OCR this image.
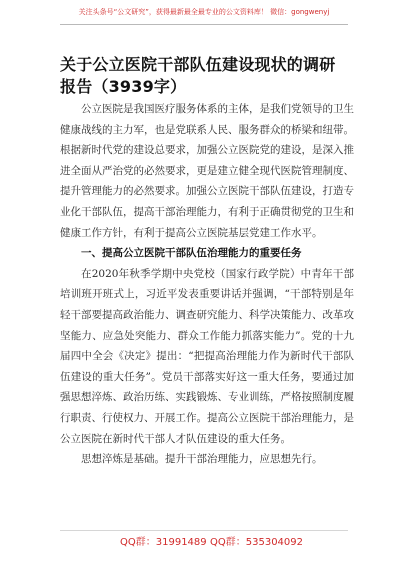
关注头条号“公文研究”，获得最新最全最专业的公文资料库！ 微信：gongwenyj
关于公立医院干部队伍建设现状的调研报告（3939字）

公立医院是我国医疗服务体系的主体，是我们党领导的卫生健康战线的主力军，也是党联系人民、服务群众的桥梁和纽带。根据新时代党的建设总要求，加强公立医院党的建设，是深入推进全面从严治党的必然要求，更是建立健全现代医院管理制度、提升管理能力的必然要求。加强公立医院干部队伍建设，打造专业化干部队伍，提高干部治理能力，有利于正确贯彻党的卫生和健康工作方针，有利于提高公立医院基层党建工作水平。

一、提高公立医院干部队伍治理能力的重要任务

在2020年秋季学期中央党校（国家行政学院）中青年干部培训班开班式上，习近平发表重要讲话并强调，“干部特别是年轻干部要提高政治能力、调查研究能力、科学决策能力、改革攻坚能力、应急处突能力、群众工作能力抓落实能力”。党的十九届四中全会《决定》提出：“把提高治理能力作为新时代干部队伍建设的重大任务”。党员干部落实好这一重大任务，要通过加强思想淬炼、政治历练、实践锻炼、专业训练，严格按照制度履行职责、行使权力、开展工作。提高公立医院干部治理能力，是公立医院在新时代干部人才队伍建设的重大任务。

思想淬炼是基础。提升干部治理能力，应思想先行。

QQ群：31991489 QQ群：535304092
